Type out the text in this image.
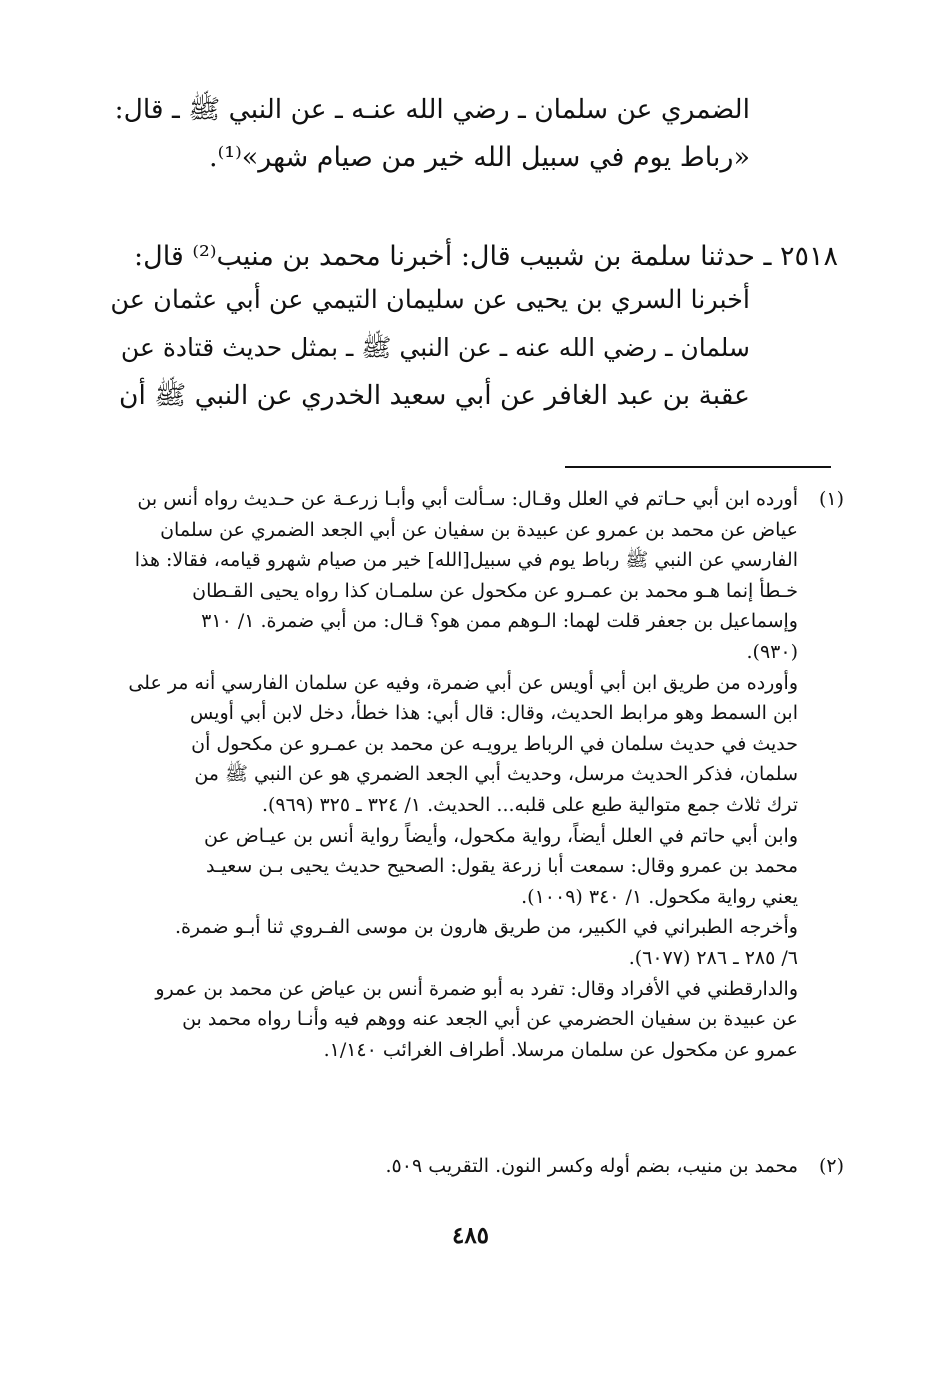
الضمري عن سلمان ـ رضي الله عنـه ـ عن النبي ﷺ ـ قال:
«رباط يوم في سبيل الله خير من صيام شهر»⁽¹⁾.
٢٥١٨ ـ حدثنا سلمة بن شبيب قال: أخبرنا محمد بن منيب⁽²⁾ قال:
أخبرنا السري بن يحيى عن سليمان التيمي عن أبي عثمان عن
سلمان ـ رضي الله عنه ـ عن النبي ﷺ ـ بمثل حديث قتادة عن
عقبة بن عبد الغافر عن أبي سعيد الخدري عن النبي ﷺ أن
(١)
أورده ابن أبي حـاتم في العلل وقـال: سـألت أبي وأبـا زرعـة عن حـديث رواه أنس بن
عياض عن محمد بن عمرو عن عبيدة بن سفيان عن أبي الجعد الضمري عن سلمان
الفارسي عن النبي ﷺ رباط يوم في سبيل[الله] خير من صيام شهرو قيامه، فقالا: هذا
خـطأ إنما هـو محمد بن عمـرو عن مكحول عن سلمـان كذا رواه يحيى القـطان
وإسماعيل بن جعفر قلت لهما: الـوهم ممن هو؟ قـال: من أبي ضمرة. ١/ ٣١٠
(٩٣٠).
وأورده من طريق ابن أبي أويس عن أبي ضمرة، وفيه عن سلمان الفارسي أنه مر على
ابن السمط وهو مرابط الحديث، وقال: قال أبي: هذا خطأ، دخل لابن أبي أويس
حديث في حديث سلمان في الرباط يرويـه عن محمد بن عمـرو عن مكحول أن
سلمان، فذكر الحديث مرسل، وحديث أبي الجعد الضمري هو عن النبي ﷺ من
ترك ثلاث جمع متوالية طبع على قلبه... الحديث. ١/ ٣٢٤ ـ ٣٢٥ (٩٦٩).
وابن أبي حاتم في العلل أيضاً، رواية مكحول، وأيضاً رواية أنس بن عيـاض عن
محمد بن عمرو وقال: سمعت أبا زرعة يقول: الصحيح حديث يحيى بـن سعيـد
يعني رواية مكحول. ١/ ٣٤٠ (١٠٠٩).
وأخرجه الطبراني في الكبير، من طريق هارون بن موسى الفـروي ثنا أبـو ضمرة.
٦/ ٢٨٥ ـ ٢٨٦ (٦٠٧٧).
والدارقطني في الأفراد وقال: تفرد به أبو ضمرة أنس بن عياض عن محمد بن عمرو
عن عبيدة بن سفيان الحضرمي عن أبي الجعد عنه ووهم فيه وأنـا رواه محمد بن
عمرو عن مكحول عن سلمان مرسلا. أطراف الغرائب ١/١٤٠.
(٢)
محمد بن منيب، بضم أوله وكسر النون. التقريب ٥٠٩.
٤٨٥
